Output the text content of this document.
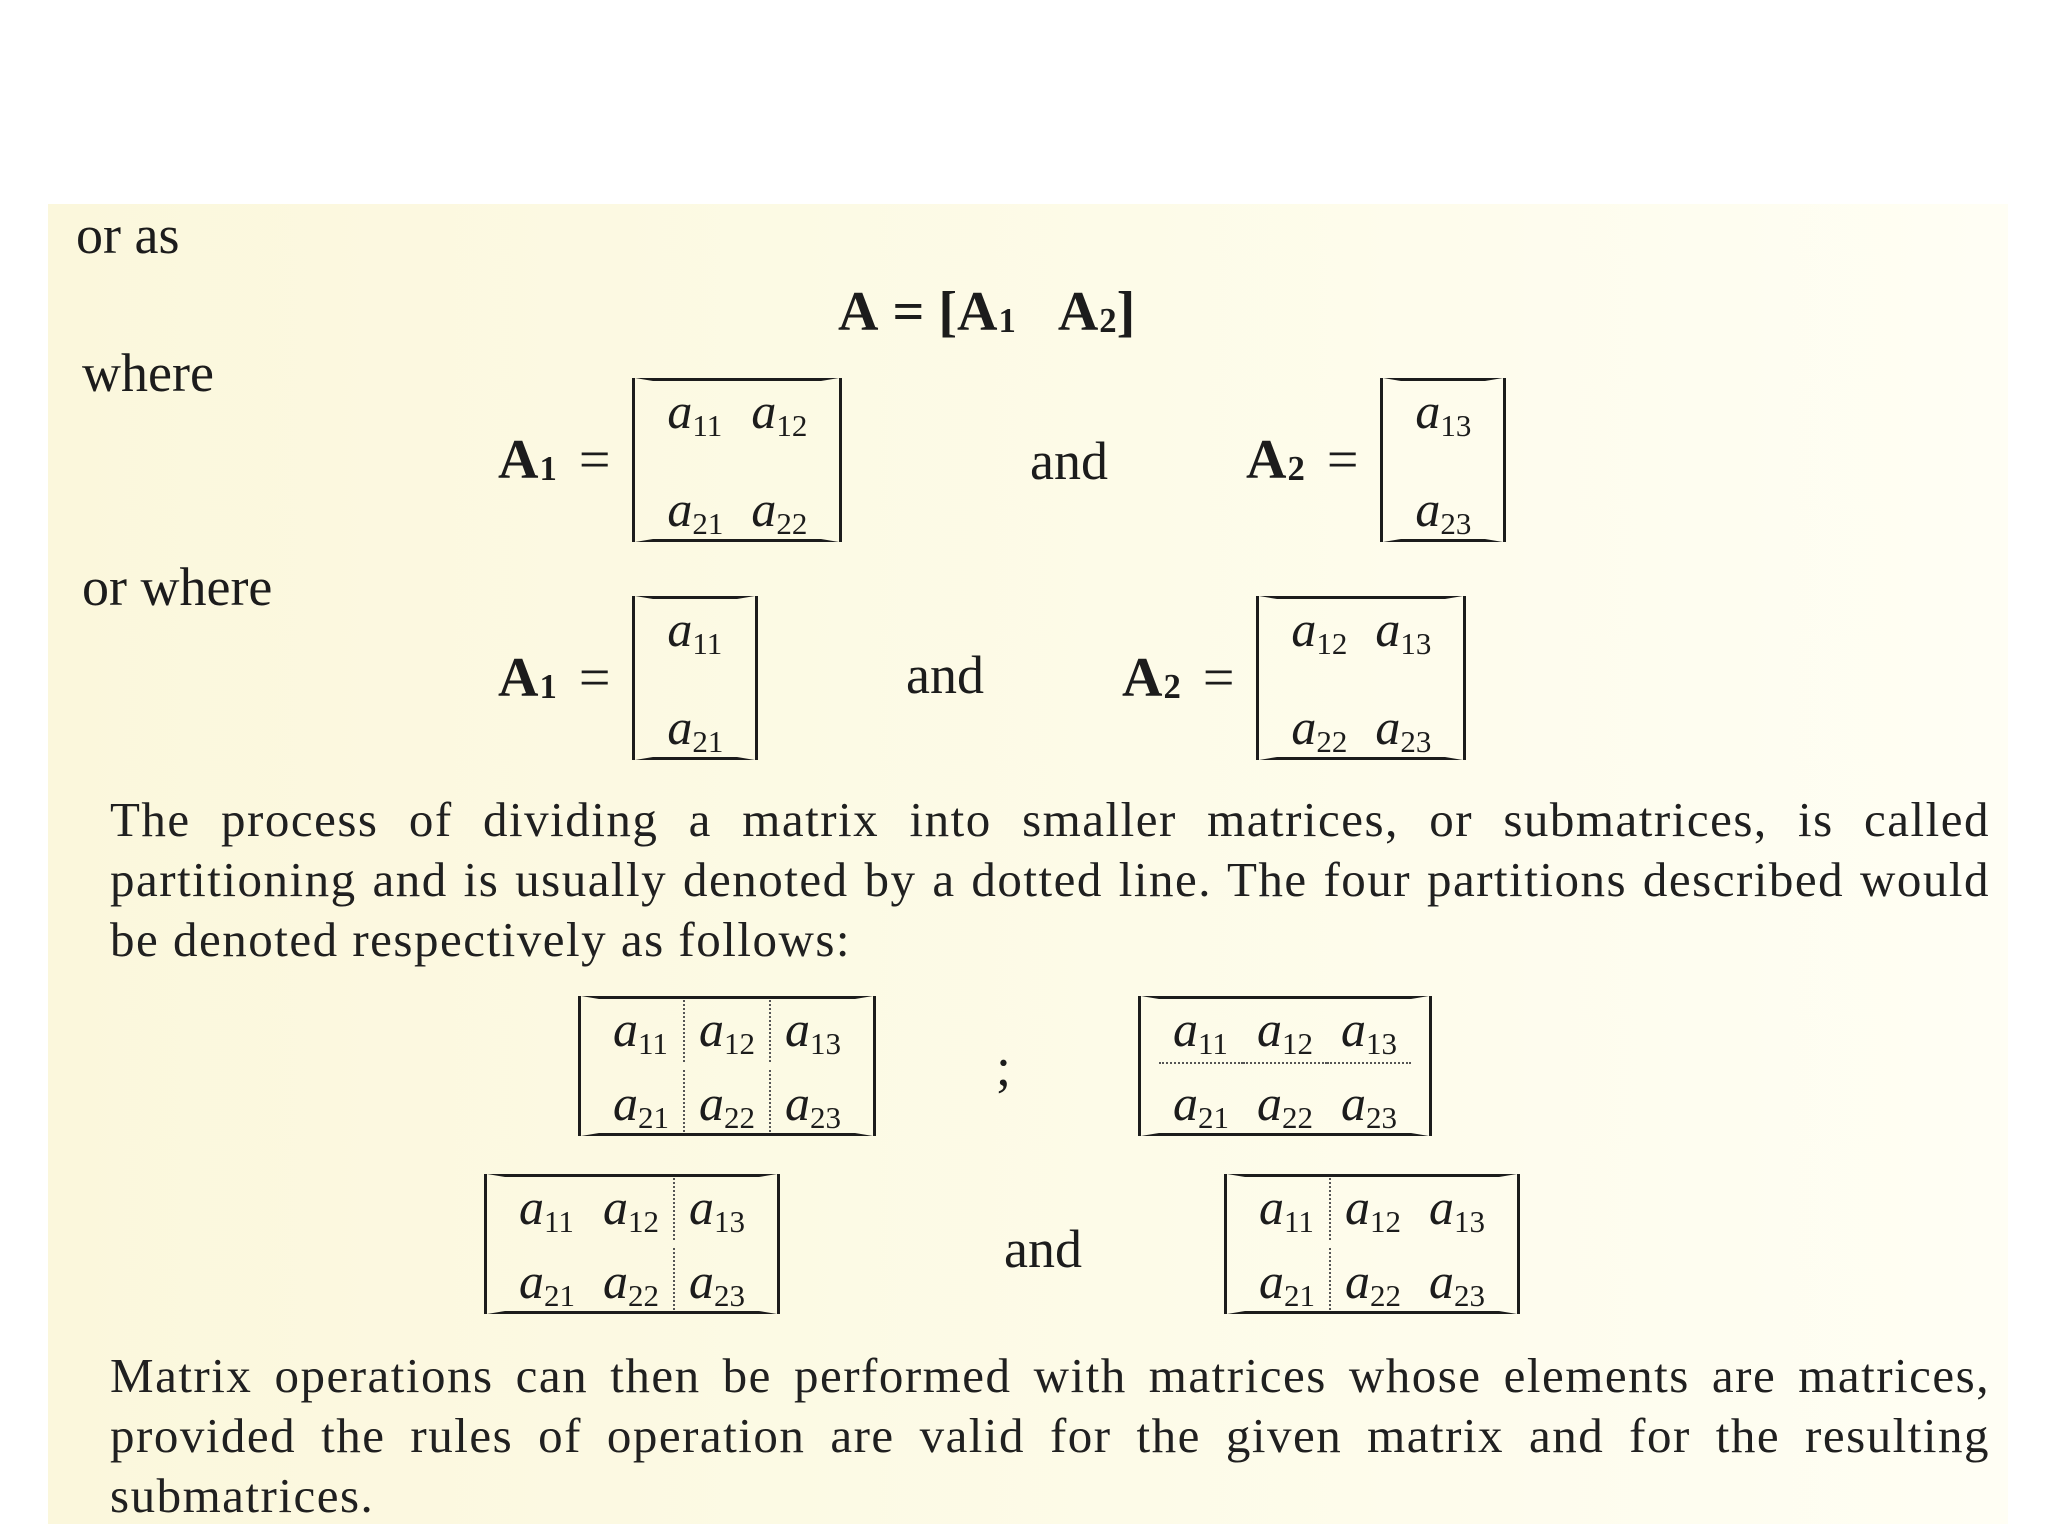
or as
A
=
[ A 1
A 2 ]
where
A 1 =
a11 a12
a21 a22
and A 2 =
a13
a23
or where
A 1 =
a11
a21
and A 2 =
a12 a13
a22 a23
The process of dividing a matrix into smaller matrices, or submatrices, is called partitioning and is usually denoted by a dotted line. The four partitions described would be denoted respectively as follows:
a11 a12 a13
a21 a22 a23
;
a11 a12 a13
a21 a22 a23
a11 a12 a13
a21 a22 a23
and
a11 a12 a13
a21 a22 a23
Matrix operations can then be performed with matrices whose elements are matrices, provided the rules of operation are valid for the given matrix and for the resulting submatrices.
